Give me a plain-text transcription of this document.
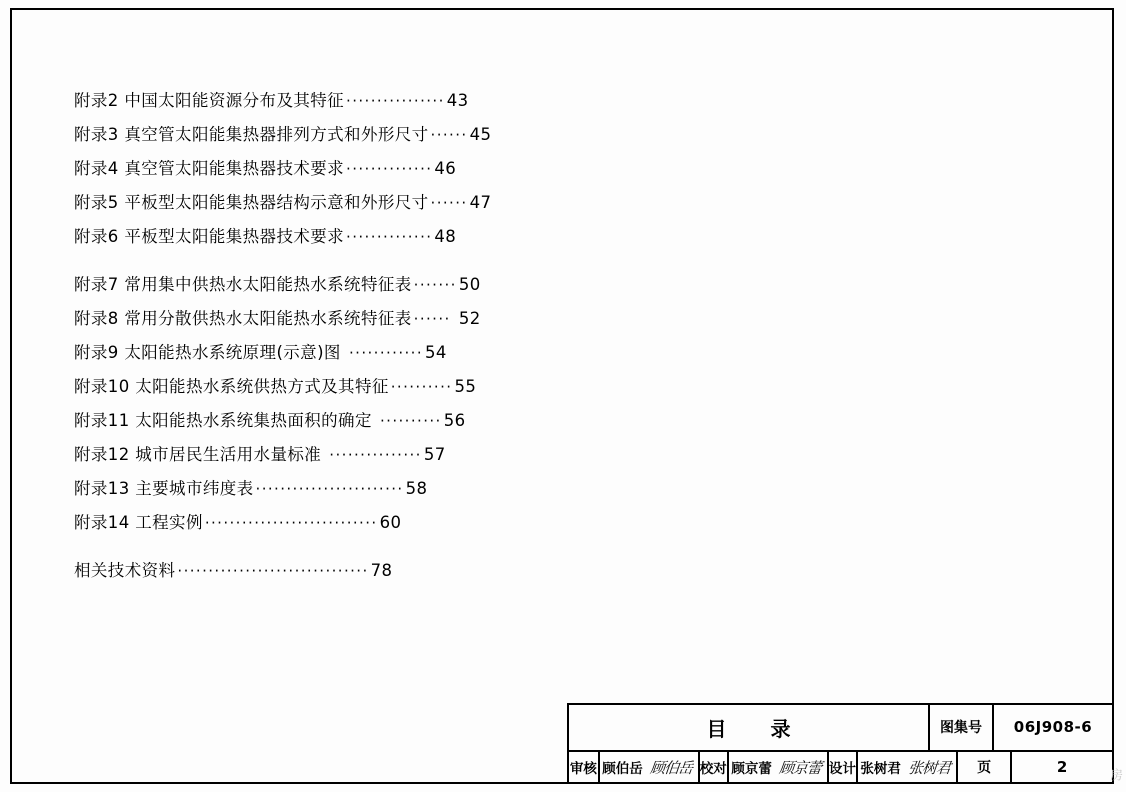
附录2 中国太阳能资源分布及其特征 ················ 43
附录3 真空管太阳能集热器排列方式和外形尺寸 ······ 45
附录4 真空管太阳能集热器技术要求 ·············· 46
附录5 平板型太阳能集热器结构示意和外形尺寸 ······ 47
附录6 平板型太阳能集热器技术要求 ·············· 48
附录7 常用集中供热水太阳能热水系统特征表 ······· 50
附录8 常用分散供热水太阳能热水系统特征表 ······ 52
附录9 太阳能热水系统原理(示意)图 ············ 54
附录10 太阳能热水系统供热方式及其特征 ·········· 55
附录11 太阳能热水系统集热面积的确定 ·········· 56
附录12 城市居民生活用水量标准 ··············· 57
附录13 主要城市纬度表 ························ 58
附录14 工程实例 ···························· 60
相关技术资料 ······························· 78
目　录	图集号	06J908-6
审核 顾伯岳 顾伯岳 校对 顾京蕾 顾京蕾 设计 张树君 张树君	页	2	房
